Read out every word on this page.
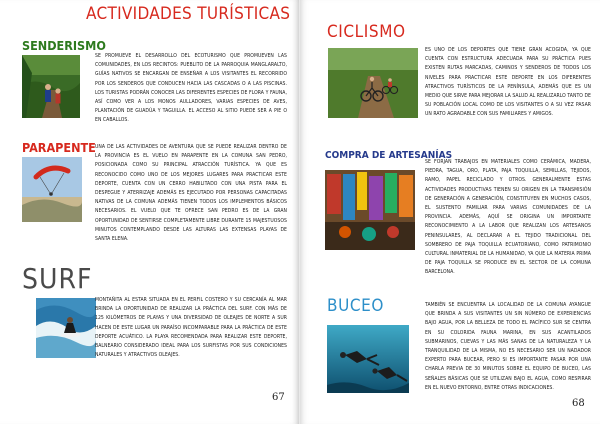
ACTIVIDADES TURÍSTICAS
SENDERISMO
SE PROMUEVE EL DESARROLLO DEL ECOTURISMO QUE PROMUEVEN LAS COMUNIDADES, EN LOS RECINTOS: PUEBLITO DE LA PARROQUIA MANGLARALTO, GUÍAS NATIVOS SE ENCARGAN DE ENSEÑAR A LOS VISITANTES EL RECORRIDO POR LOS SENDEROS QUE CONDUCEN HACIA LAS CASCADAS O A LAS PISCINAS. LOS TURISTAS PODRÁN CONOCER LAS DIFERENTES ESPECIES DE FLORA Y FAUNA, ASÍ COMO VER A LOS MONOS AULLADORES, VARIAS ESPECIES DE AVES, PLANTACIÓN DE GUADÚA Y TAGUILLA. EL ACCESO AL SITIO PUEDE SER A PIE O EN CABALLOS.
PARAPENTE UNA DE LAS ACTIVIDADES DE AVENTURA QUE SE PUEDE REALIZAR DENTRO DE LA PROVINCIA ES EL VUELO EN PARAPENTE EN LA COMUNA SAN PEDRO, POSICIONADA COMO SU PRINCIPAL ATRACCIÓN TURÍSTICA. YA QUE ES RECONOCIDO COMO UNO DE LOS MEJORES LUGARES PARA PRACTICAR ESTE DEPORTE, CUENTA CON UN CERRO HABILITADO CON UNA PISTA PARA EL DESPEGUE Y ATERRIZAJE ADEMÁS ES EJECUTADO POR PERSONAS CAPACITADAS NATIVAS DE LA COMUNA ADEMÁS TIENEN TODOS LOS IMPLEMENTOS BÁSICOS NECESARIOS. EL VUELO QUE TE OFRECE SAN PEDRO ES DE LA GRAN OPORTUNIDAD DE SENTIRSE COMPLETAMENTE LIBRE DURANTE 15 MAJESTUOSOS MINUTOS CONTEMPLANDO DESDE LAS ALTURAS LAS EXTENSAS PLAYAS DE SANTA ELENA.
SURF
MONTAÑITA AL ESTAR SITUADA EN EL PERFIL COSTERO Y SU CERCANÍA AL MAR BRINDA LA OPORTUNIDAD DE REALIZAR LA PRÁCTICA DEL SURF. CON MÁS DE 125 KILÓMETROS DE PLAYAS Y UNA DIVERSIDAD DE OLEAJES DE NORTE A SUR HACEN DE ESTE LUGAR UN PARAÍSO INCOMPARABLE PARA LA PRÁCTICA DE ESTE DEPORTE ACUÁTICO. LA PLAYA RECOMENDADA PARA REALIZAR ESTE DEPORTE, BALNEARIO CONSIDERADO IDEAL PARA LOS SURFISTAS POR SUS CONDICIONES NATURALES Y ATRACTIVOS OLEAJES.
67
CICLISMO
ES UNO DE LOS DEPORTES QUE TIENE GRAN ACOGIDA, YA QUE CUENTA CON ESTRUCTURA ADECUADA PARA SU PRÁCTICA PUES EXISTEN RUTAS MARCADAS, CAMINOS Y SENDEROS DE TODOS LOS NIVELES PARA PRACTICAR ESTE DEPORTE EN LOS DIFERENTES ATRACTIVOS TURÍSTICOS DE LA PENÍNSULA, ADEMÁS QUE ES UN MEDIO QUE SIRVE PARA MEJORAR LA SALUD AL REALIZARLO TANTO DE SU POBLACIÓN LOCAL COMO DE LOS VISITANTES O A SU VEZ PASAR UN RATO AGRADABLE CON SUS FAMILIARES Y AMIGOS.
COMPRA DE ARTESANÍAS
SE FORJAN TRABAJOS EN MATERIALES COMO CERÁMICA, MADERA, PIEDRA, TAGUA, ORO, PLATA, PAJA TOQUILLA, SEMILLAS, TEJIDOS, RAMO, PAPEL RECICLADO Y OTROS. GENERALMENTE ESTAS ACTIVIDADES PRODUCTIVAS TIENEN SU ORIGEN EN LA TRANSMISIÓN DE GENERACIÓN A GENERACIÓN, CONSTITUYEN EN MUCHOS CASOS, EL SUSTENTO FAMILIAR PARA VARIAS COMUNIDADES DE LA PROVINCIA. ADEMÁS, AQUÍ SE ORIGINA UN IMPORTANTE RECONOCIMIENTO A LA LABOR QUE REALIZAN LOS ARTESANOS PENINSULARES, AL DECLARAR A EL TEJIDO TRADICIONAL DEL SOMBRERO DE PAJA TOQUILLA ECUATORIANO, COMO PATRIMONIO CULTURAL INMATERIAL DE LA HUMANIDAD, YA QUE LA MATERIA PRIMA DE PAJA TOQUILLA SE PRODUCE EN EL SECTOR DE LA COMUNA BARCELONA.
BUCEO	TAMBIÉN SE ENCUENTRA LA LOCALIDAD DE LA COMUNA AYANGUE QUE BRINDA A SUS VISITANTES UN SIN NÚMERO DE EXPERIENCIAS BAJO AGUA, POR LA BELLEZA DE TODO EL PACÍFICO SUR SE CENTRA EN SU COLORIDA FAUNA MARINA, EN SUS ACANTILADOS SUBMARINOS, CUEVAS Y LAS MÁS SANAS DE LA NATURALEZA Y LA TRANQUILIDAD DE LA MISMA, NO ES NECESARIO SER UN NADADOR EXPERTO PARA BUCEAR, PERO SI ES IMPORTANTE PASAR POR UNA CHARLA PREVIA DE 30 MINUTOS SOBRE EL EQUIPO DE BUCEO, LAS SEÑALES BÁSICAS QUE SE UTILIZAN BAJO EL AGUA, COMO RESPIRAR EN EL NUEVO ENTORNO, ENTRE OTRAS INDICACIONES.
68
